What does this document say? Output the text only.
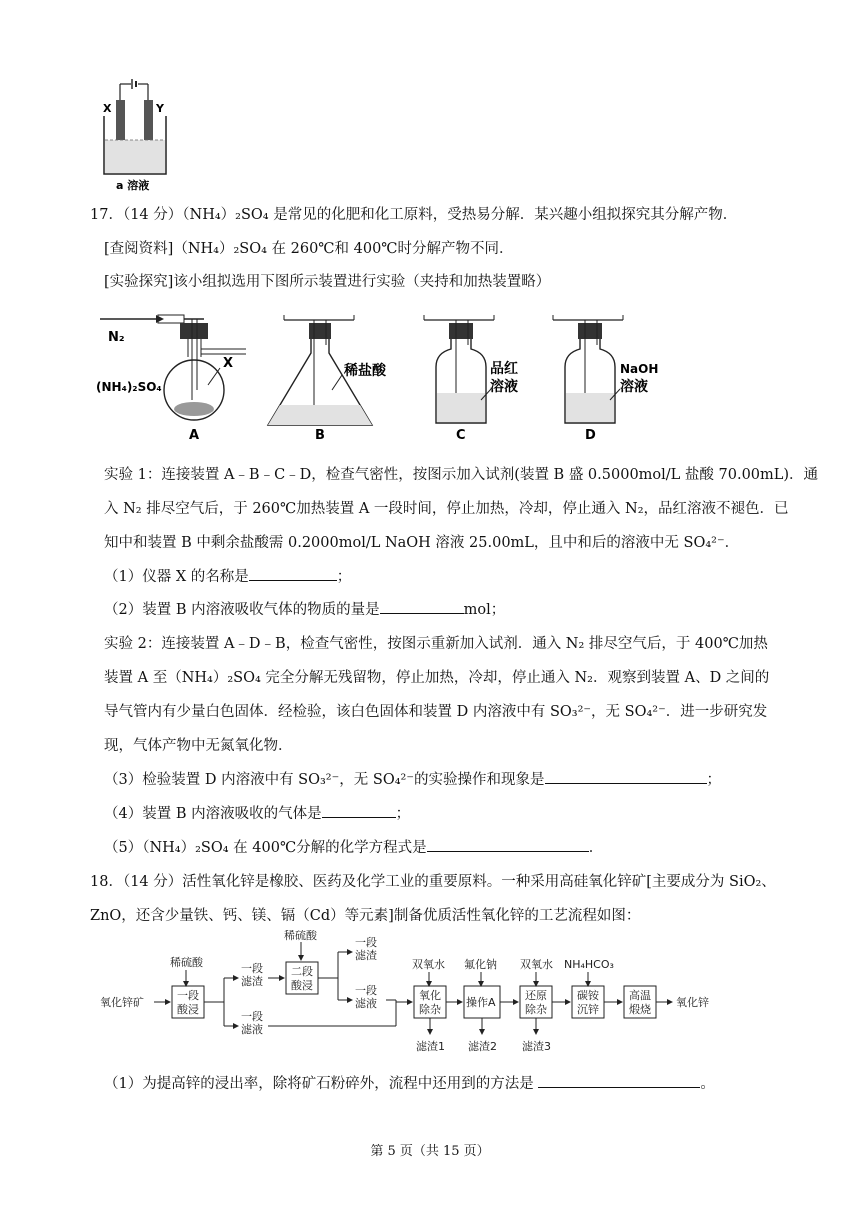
X	Y
a 溶液
17．（14 分）（NH₄）₂SO₄ 是常见的化肥和化工原料，受热易分解．某兴趣小组拟探究其分解产物．
[查阅资料]（NH₄）₂SO₄ 在 260℃和 400℃时分解产物不同．
[实验探究]该小组拟选用下图所示装置进行实验（夹持和加热装置略）
N₂
X
(NH₄)₂SO₄
A
稀盐酸
B
品红
溶液
C
NaOH
溶液
D
实验 1：连接装置 A﹣B﹣C﹣D，检查气密性，按图示加入试剂(装置 B 盛 0.5000mol/L 盐酸 70.00mL)．通
入 N₂ 排尽空气后，于 260℃加热装置 A 一段时间，停止加热，冷却，停止通入 N₂，品红溶液不褪色．已
知中和装置 B 中剩余盐酸需 0.2000mol/L NaOH 溶液 25.00mL，且中和后的溶液中无 SO₄²⁻．
（1）仪器 X 的名称是	；
（2）装置 B 内溶液吸收气体的物质的量是	mol；
实验 2：连接装置 A﹣D﹣B，检查气密性，按图示重新加入试剂．通入 N₂ 排尽空气后，于 400℃加热
装置 A 至（NH₄）₂SO₄ 完全分解无残留物，停止加热，冷却，停止通入 N₂．观察到装置 A、D 之间的
导气管内有少量白色固体．经检验，该白色固体和装置 D 内溶液中有 SO₃²⁻，无 SO₄²⁻．进一步研究发
现，气体产物中无氮氧化物．
（3）检验装置 D 内溶液中有 SO₃²⁻，无 SO₄²⁻的实验操作和现象是	；
（4）装置 B 内溶液吸收的气体是	；
（5）（NH₄）₂SO₄ 在 400℃分解的化学方程式是	．
18．（14 分）活性氧化锌是橡胶、医药及化学工业的重要原料。一种采用高硅氧化锌矿[主要成分为 SiO₂、
ZnO，还含少量铁、钙、镁、镉（Cd）等元素]制备优质活性氧化锌的工艺流程如图：
氧化锌矿
稀硫酸
一段
酸浸
一段
滤渣
一段
滤液
稀硫酸
二段
酸浸
一段
滤渣
一段
滤液
双氧水 氟化钠 双氧水 NH₄HCO₃
氧化
除杂
操作A
还原
除杂
碳铵
沉锌
高温
煅烧
氧化锌
滤渣1 滤渣2 滤渣3
（1）为提高锌的浸出率，除将矿石粉碎外，流程中还用到的方法是	。
第 5 页（共 15 页）
